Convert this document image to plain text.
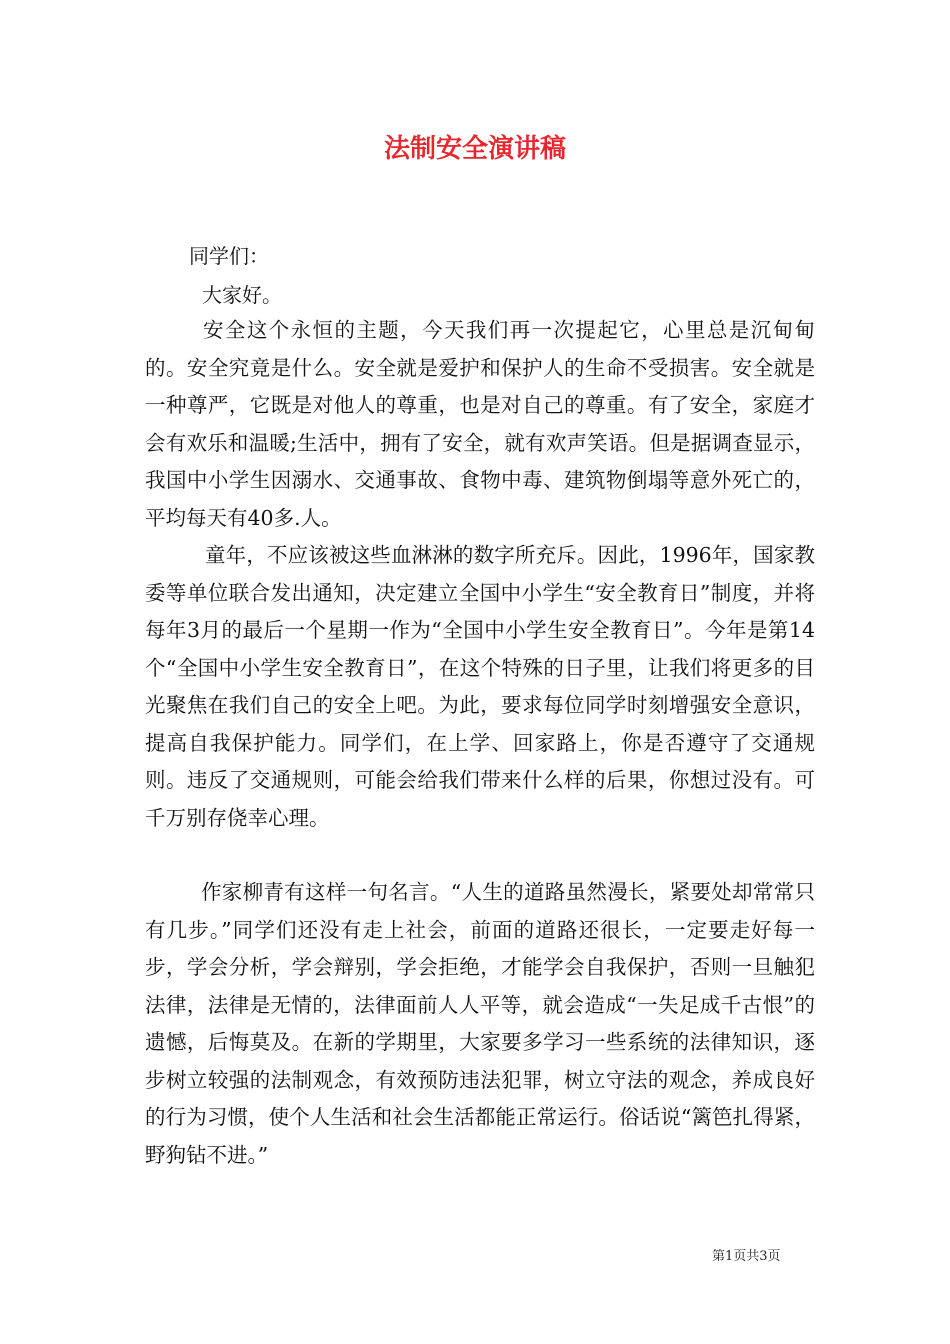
法制安全演讲稿

同学们：

大家好。

安全这个永恒的主题，今天我们再一次提起它，心里总是沉甸甸的。安全究竟是什么。安全就是爱护和保护人的生命不受损害。安全就是一种尊严，它既是对他人的尊重，也是对自己的尊重。有了安全，家庭才会有欢乐和温暖;生活中，拥有了安全，就有欢声笑语。但是据调查显示，我国中小学生因溺水、交通事故、食物中毒、建筑物倒塌等意外死亡的，平均每天有40多.人。

童年，不应该被这些血淋淋的数字所充斥。因此，1996年，国家教委等单位联合发出通知，决定建立全国中小学生“安全教育日”制度，并将每年3月的最后一个星期一作为“全国中小学生安全教育日”。今年是第14个“全国中小学生安全教育日”，在这个特殊的日子里，让我们将更多的目光聚焦在我们自己的安全上吧。为此，要求每位同学时刻增强安全意识，提高自我保护能力。同学们，在上学、回家路上，你是否遵守了交通规则。违反了交通规则，可能会给我们带来什么样的后果，你想过没有。可千万别存侥幸心理。

作家柳青有这样一句名言。“人生的道路虽然漫长，紧要处却常常只有几步。”同学们还没有走上社会，前面的道路还很长，一定要走好每一步，学会分析，学会辩别，学会拒绝，才能学会自我保护，否则一旦触犯法律，法律是无情的，法律面前人人平等，就会造成“一失足成千古恨”的遗憾，后悔莫及。在新的学期里，大家要多学习一些系统的法律知识，逐步树立较强的法制观念，有效预防违法犯罪，树立守法的观念，养成良好的行为习惯，使个人生活和社会生活都能正常运行。俗话说“篱笆扎得紧，野狗钻不进。”

第1页共3页
